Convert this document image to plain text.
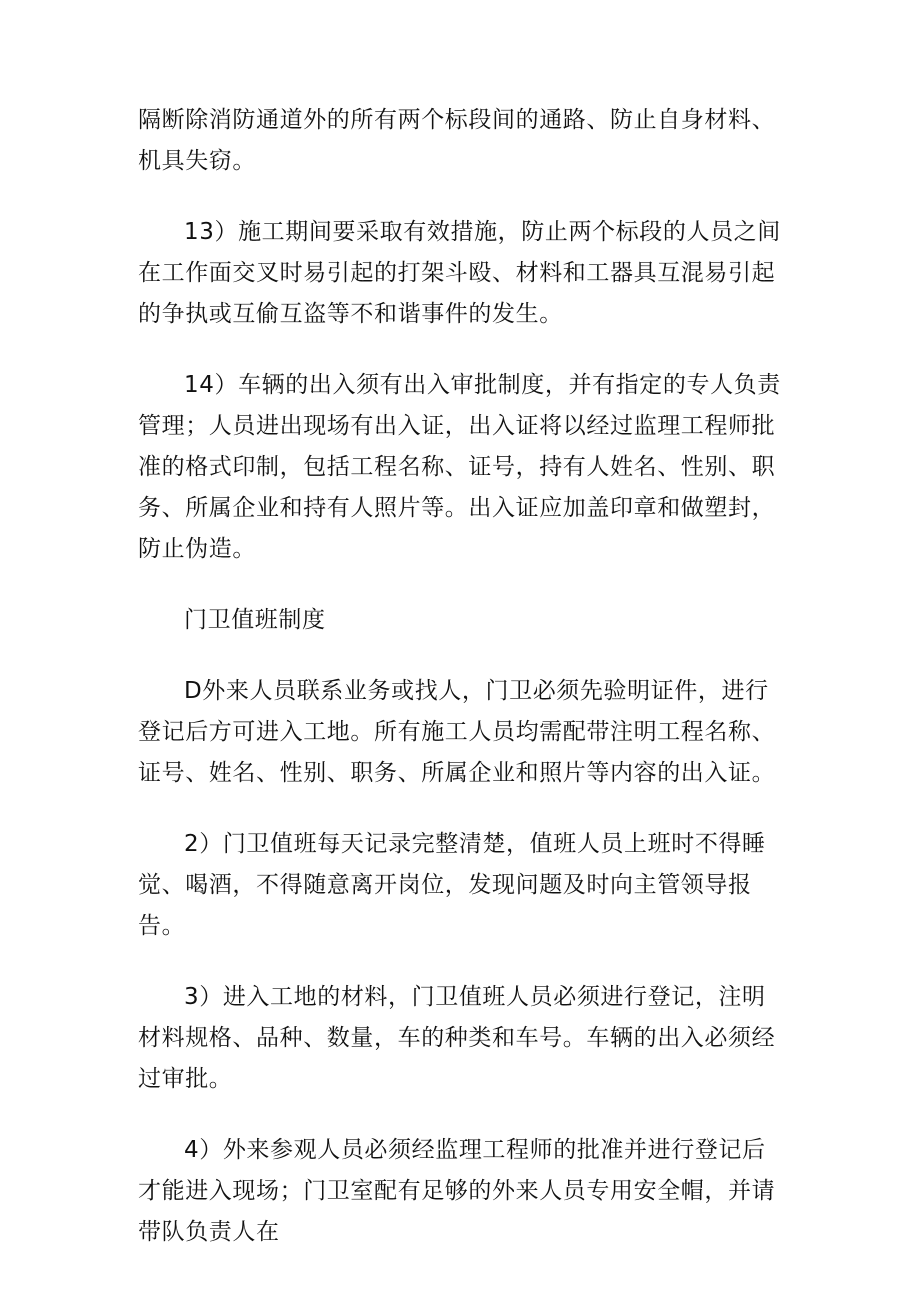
隔断除消防通道外的所有两个标段间的通路、防止自身材料、机具失窃。

13）施工期间要采取有效措施，防止两个标段的人员之间在工作面交叉时易引起的打架斗殴、材料和工器具互混易引起的争执或互偷互盗等不和谐事件的发生。

14）车辆的出入须有出入审批制度，并有指定的专人负责管理；人员进出现场有出入证，出入证将以经过监理工程师批准的格式印制，包括工程名称、证号，持有人姓名、性别、职务、所属企业和持有人照片等。出入证应加盖印章和做塑封，防止伪造。

门卫值班制度

D外来人员联系业务或找人，门卫必须先验明证件，进行登记后方可进入工地。所有施工人员均需配带注明工程名称、证号、姓名、性别、职务、所属企业和照片等内容的出入证。

2）门卫值班每天记录完整清楚，值班人员上班时不得睡觉、喝酒，不得随意离开岗位，发现问题及时向主管领导报告。

3）进入工地的材料，门卫值班人员必须进行登记，注明材料规格、品种、数量，车的种类和车号。车辆的出入必须经过审批。

4）外来参观人员必须经监理工程师的批准并进行登记后才能进入现场；门卫室配有足够的外来人员专用安全帽，并请带队负责人在
